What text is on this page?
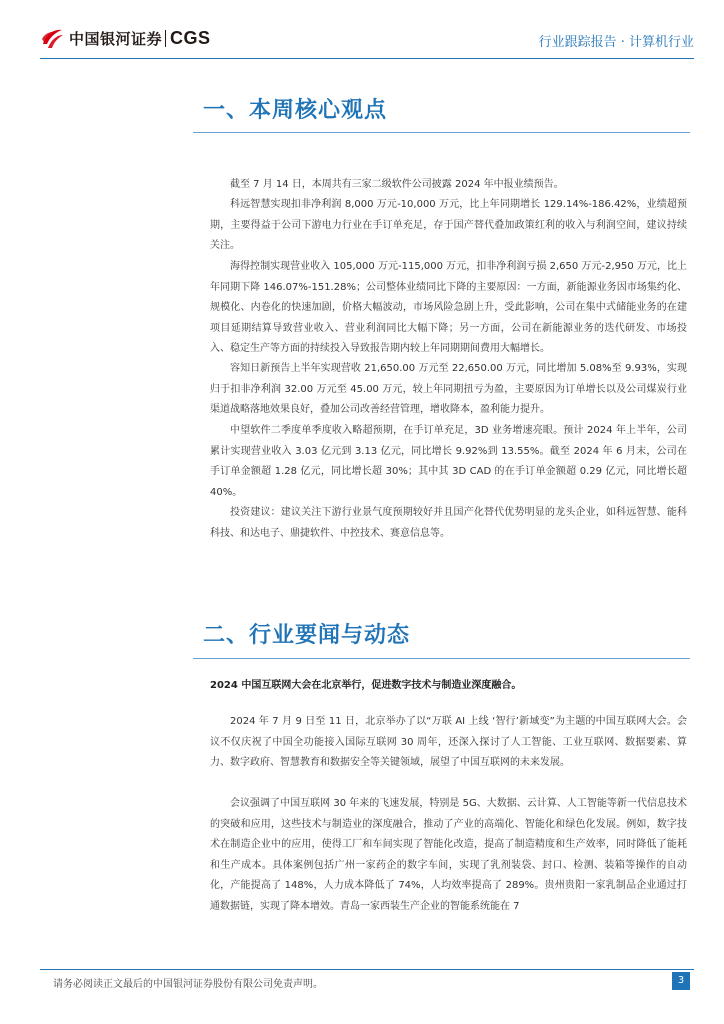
中国银河证券 CGS	行业跟踪报告 · 计算机行业
一、本周核心观点

截至 7 月 14 日，本周共有三家二级软件公司披露 2024 年中报业绩预告。

科远智慧实现扣非净利润 8,000 万元-10,000 万元，比上年同期增长 129.14%-186.42%，业绩超预期，主要得益于公司下游电力行业在手订单充足，存于国产替代叠加政策红利的收入与利润空间，建议持续关注。

海得控制实现营业收入 105,000 万元-115,000 万元，扣非净利润亏损 2,650 万元-2,950 万元，比上年同期下降 146.07%-151.28%；公司整体业绩同比下降的主要原因：一方面，新能源业务因市场集约化、规模化、内卷化的快速加剧，价格大幅波动，市场风险急剧上升，受此影响，公司在集中式储能业务的在建项目延期结算导致营业收入、营业利润同比大幅下降；另一方面，公司在新能源业务的迭代研发、市场投入、稳定生产等方面的持续投入导致报告期内较上年同期期间费用大幅增长。

容知日新预告上半年实现营收 21,650.00 万元至 22,650.00 万元，同比增加 5.08%至 9.93%，实现归于扣非净利润 32.00 万元至 45.00 万元，较上年同期扭亏为盈，主要原因为订单增长以及公司煤炭行业渠道战略落地效果良好，叠加公司改善经营管理，增收降本，盈利能力提升。

中望软件二季度单季度收入略超预期，在手订单充足，3D 业务增速亮眼。预计 2024 年上半年，公司累计实现营业收入 3.03 亿元到 3.13 亿元，同比增长 9.92%到 13.55%。截至 2024 年 6 月末，公司在手订单金额超 1.28 亿元，同比增长超 30%；其中其 3D CAD 的在手订单金额超 0.29 亿元，同比增长超 40%。

投资建议：建议关注下游行业景气度预期较好并且国产化替代优势明显的龙头企业，如科远智慧、能科科技、和达电子、鼎捷软件、中控技术、赛意信息等。

二、行业要闻与动态

2024 中国互联网大会在北京举行，促进数字技术与制造业深度融合。

2024 年 7 月 9 日至 11 日，北京举办了以“万联 AI 上线 ‘智行’新域变”为主题的中国互联网大会。会议不仅庆祝了中国全功能接入国际互联网 30 周年，还深入探讨了人工智能、工业互联网、数据要素、算力、数字政府、智慧教育和数据安全等关键领域，展望了中国互联网的未来发展。

会议强调了中国互联网 30 年来的飞速发展，特别是 5G、大数据、云计算、人工智能等新一代信息技术的突破和应用，这些技术与制造业的深度融合，推动了产业的高端化、智能化和绿色化发展。例如，数字技术在制造企业中的应用，使得工厂和车间实现了智能化改造，提高了制造精度和生产效率，同时降低了能耗和生产成本。具体案例包括广州一家药企的数字车间，实现了乳剂装袋、封口、检测、装箱等操作的自动化，产能提高了 148%，人力成本降低了 74%，人均效率提高了 289%。贵州贵阳一家乳制品企业通过打通数据链，实现了降本增效。青岛一家西装生产企业的智能系统能在 7

请务必阅读正文最后的中国银河证券股份有限公司免责声明。	3
